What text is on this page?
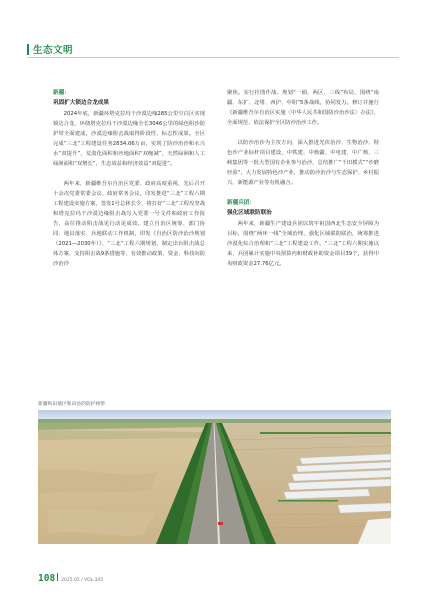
生态文明
新疆：
巩固扩大锁边合龙成果

2024年底，新疆环塔克拉玛干沙漠边缘285公里空白区实现锁边合龙，环绕塔克拉玛干沙漠边缘全长3046公里的绿色阻沙防护带全面建成，沙漠边缘阻击战取得阶段性、标志性成果。全区完成“三北”工程建设任务2834.06万亩，实现了防沙治沙和水兴水“双提升”，荒漠化面积和沙地面积“双缩减”，天然绿洲和人工绿洲面积“双增长”，生态效益和经济效益“双促进”。

两年来，新疆维吾尔自治区党委、政府高度重视，先后召开十余次党委常委会议、政府常务会议，印发推进“三北”工程六期工程建设实施方案，签发1号总林长令，将打好“三北”工程攻坚战和塔克拉玛干沙漠边缘阻击战写入党委一号文件和政府工作报告，高位推动阻击战见行动见成效。建立自治区统筹、部门协同、地县落实、兵地联动工作机制，印发《自治区防沙治沙规划（2021—2030年）》、“三北”工程六期规划，制定出台阻击战总体方案、支持阻击战9条措施等，有效推动政策、资金、科技向防沙治沙

聚焦。实行挂图作战、规划“一圈、两区、三线”布局，围绕“南疆、东扩、北堵、西护、中阻”5条战线，协同发力。修订并施行《新疆维吾尔自治区实施〈中华人民共和国防沙治沙法〉办法》，全面规范、依法保护全区防沙治沙工作。

以防沙治沙为主攻方向，深入推进光伏治沙、生物治沙、特色沙产业标杆项目建设，中铁建、中核疆、中电建、中广核、三峡集团等一批大型国有企业参与治沙，总结推广“千田模式”“沙磨经验”，大力发展特色沙产业，推动防沙治沙与生态保护、乡村振兴、新能源产业等有机融合。

新疆兵团：
强化区域联防联治

两年来，新疆生产建设兵团以筑牢祖国西北生态安全屏障为目标，围绕“两环一线”全域治理，强化区域联防联治，统筹推进沙漠化综合治理和“三北”工程建设工作。“三北”工程六期实施以来，兵团累计实施中央预算内和财政补助资金项目39个，获得中央财政资金27.76亿元。

新疆和田地区和田县的防护林带
108 2025.05 / VOL.345
